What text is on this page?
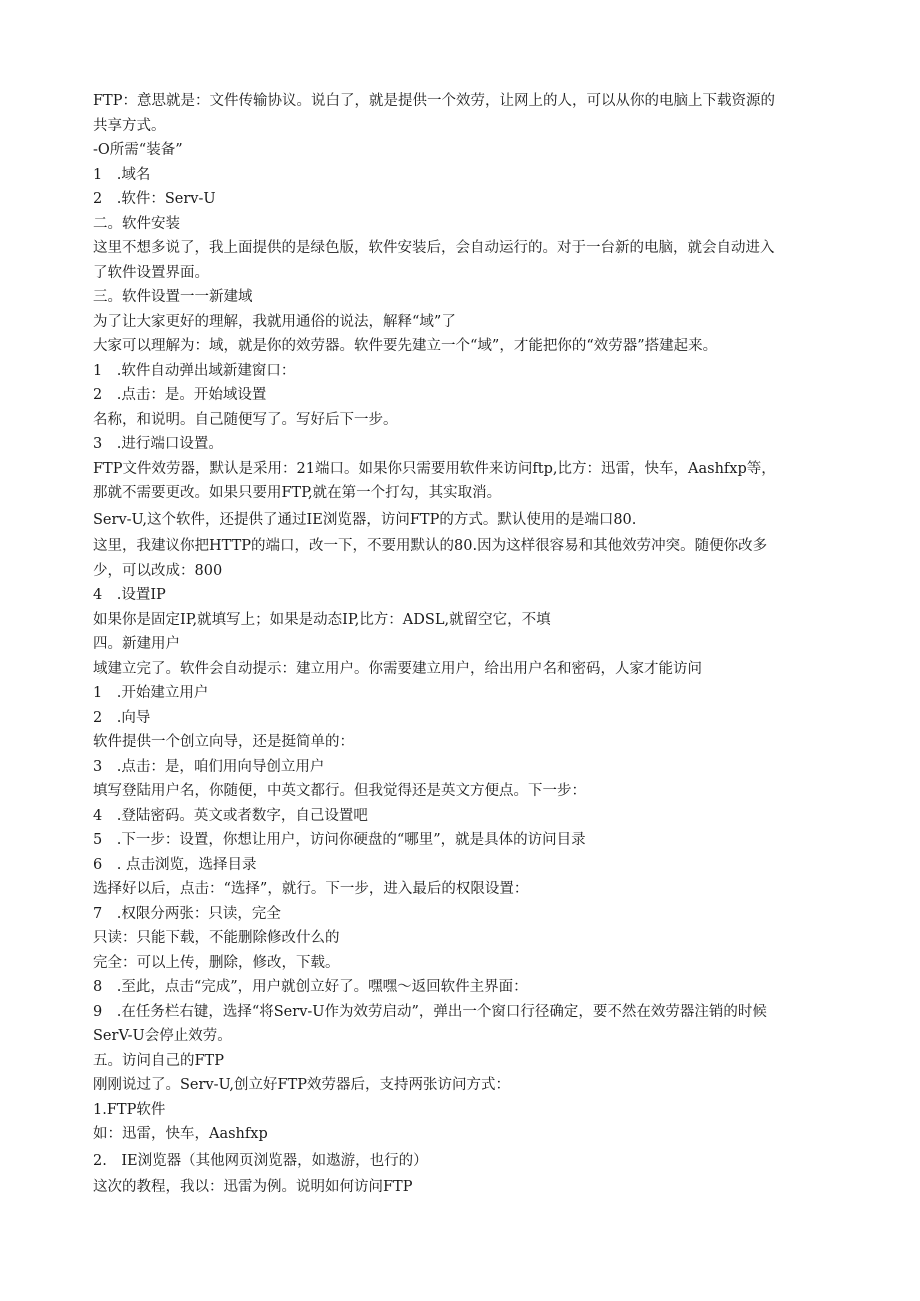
FTP：意思就是：文件传输协议。说白了，就是提供一个效劳，让网上的人，可以从你的电脑上下载资源的
共享方式。
-O所需“装备”
1　.域名
2　.软件：Serv-U
二。软件安装
这里不想多说了，我上面提供的是绿色版，软件安装后，会自动运行的。对于一台新的电脑，就会自动进入
了软件设置界面。
三。软件设置一一新建域
为了让大家更好的理解，我就用通俗的说法，解释“域”了
大家可以理解为：域，就是你的效劳器。软件要先建立一个“域”，才能把你的“效劳器”搭建起来。
1　.软件自动弹出域新建窗口：
2　.点击：是。开始域设置
名称，和说明。自己随便写了。写好后下一步。
3　.进行端口设置。
FTP文件效劳器，默认是采用：21端口。如果你只需要用软件来访问ftp,比方：迅雷，快车，Aashfxp等，
那就不需要更改。如果只要用FTP,就在第一个打勾，其实取消。
Serv-U,这个软件，还提供了通过IE浏览器，访问FTP的方式。默认使用的是端口80.
这里，我建议你把HTTP的端口，改一下，不要用默认的80.因为这样很容易和其他效劳冲突。随便你改多
少，可以改成：800
4　.设置IP
如果你是固定IP,就填写上；如果是动态IP,比方：ADSL,就留空它，不填
四。新建用户
域建立完了。软件会自动提示：建立用户。你需要建立用户，给出用户名和密码，人家才能访问
1　.开始建立用户
2　.向导
软件提供一个创立向导，还是挺简单的：
3　.点击：是，咱们用向导创立用户
填写登陆用户名，你随便，中英文都行。但我觉得还是英文方便点。下一步：
4　.登陆密码。英文或者数字，自己设置吧
5　.下一步：设置，你想让用户，访问你硬盘的“哪里”，就是具体的访问目录
6　. 点击浏览，选择目录
选择好以后，点击：“选择”，就行。下一步，进入最后的权限设置：
7　.权限分两张：只读，完全
只读：只能下载，不能删除修改什么的
完全：可以上传，删除，修改，下载。
8　.至此，点击“完成”，用户就创立好了。嘿嘿～返回软件主界面：
9　.在任务栏右键，选择“将Serv-U作为效劳启动”，弹出一个窗口行径确定，要不然在效劳器注销的时候
SerV-U会停止效劳。
五。访问自己的FTP
刚刚说过了。Serv-U,创立好FTP效劳器后，支持两张访问方式：
1.FTP软件
如：迅雷，快车，Aashfxp
2.　IE浏览器（其他网页浏览器，如遨游，也行的）
这次的教程，我以：迅雷为例。说明如何访问FTP
